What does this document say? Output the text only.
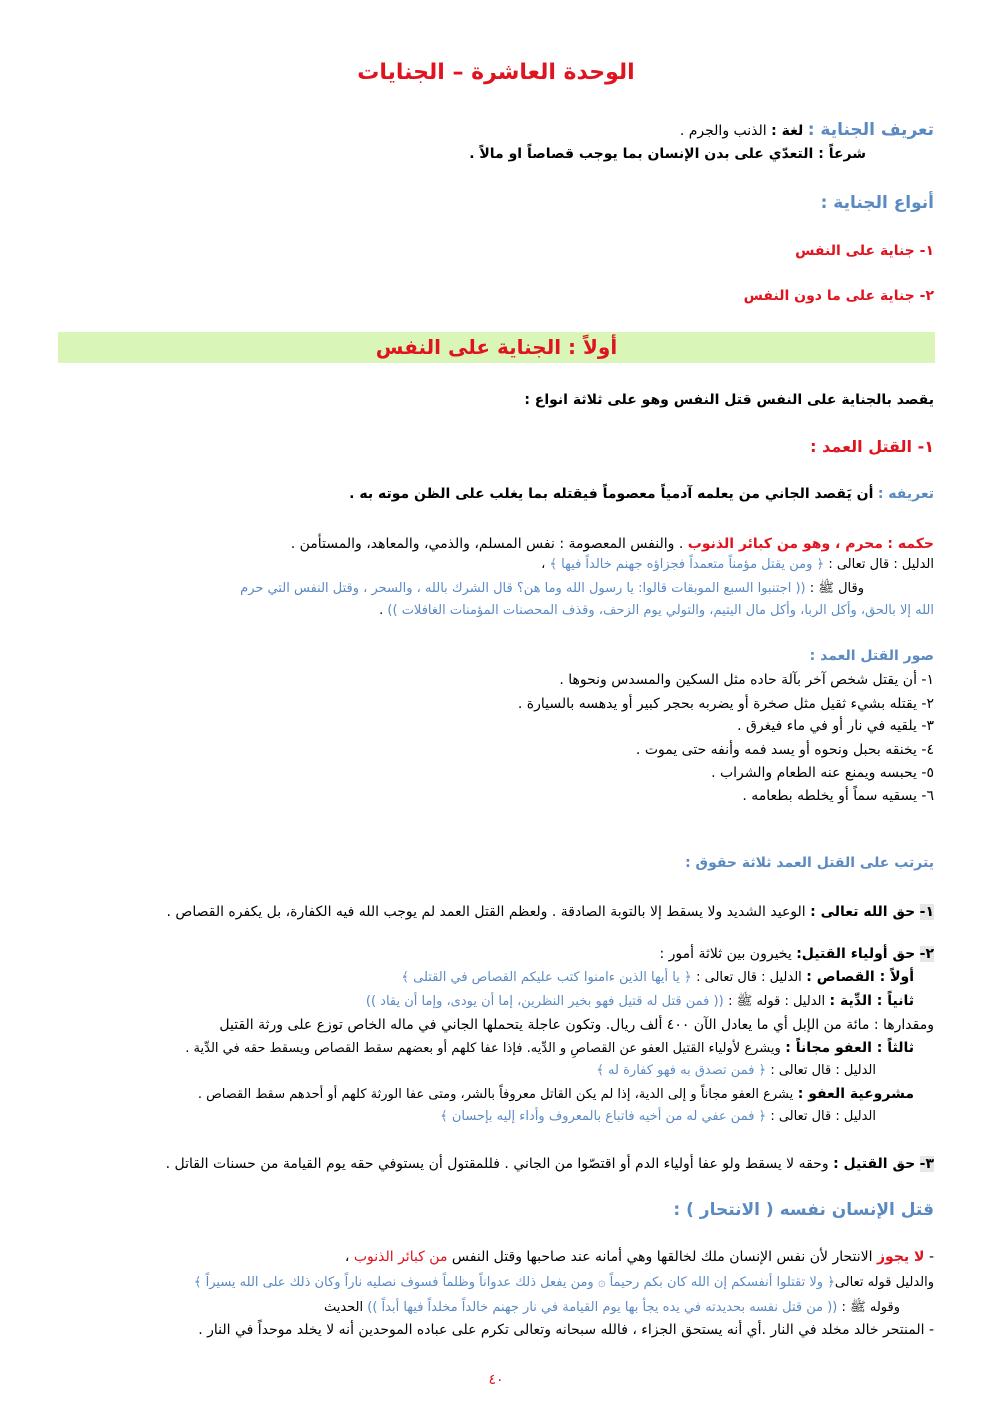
الوحدة العاشرة – الجنايات
تعريف الجناية : لغة : الذنب والجرم .
شرعاً : التعدّي على بدن الإنسان بما يوجب قصاصاً او مالاً .
أنواع الجناية :
١- جناية على النفس
٢- جناية على ما دون النفس
أولاً : الجناية على النفس
يقصد بالجناية على النفس قتل النفس وهو على ثلاثة انواع :
١- القتل العمد :
تعريفه : أن يَقصد الجاني من يعلمه آدمياً معصوماً فيقتله بما يغلب على الظن موته به .
حكمه : محرم ، وهو من كبائر الذنوب . والنفس المعصومة : نفس المسلم، والذمي، والمعاهد، والمستأمن .
الدليل : قال تعالى : ﴿ ومن يقتل مؤمناً متعمداً فجزاؤه جهنم خالداً فيها ﴾ ،
وقال ﷺ : (( اجتنبوا السبع الموبقات قالوا: يا رسول الله وما هن؟ قال الشرك بالله ، والسحر ، وقتل النفس التي حرم
الله إلا بالحق، وأكل الربا، وأكل مال اليتيم، والتولي يوم الزحف، وقذف المحصنات المؤمنات الغافلات )) .
صور القتل العمد :
١- أن يقتل شخص آخر بآلة حاده مثل السكين والمسدس ونحوها .
٢- يقتله بشيء ثقيل مثل صخرة أو يضربه بحجر كبير أو يدهسه بالسيارة .
٣- يلقيه في نار أو في ماء فيغرق .
٤- يخنقه بحبل ونحوه أو يسد فمه وأنفه حتى يموت .
٥- يحبسه ويمنع عنه الطعام والشراب .
٦- يسقيه سماً أو يخلطه بطعامه .
يترتب على القتل العمد ثلاثة حقوق :
١- حق الله تعالى : الوعيد الشديد ولا يسقط إلا بالتوبة الصادقة . ولعظم القتل العمد لم يوجب الله فيه الكفارة، بل يكفره القصاص .
٢- حق أولياء القتيل: يخيرون بين ثلاثة أمور :
أولاً : القصاص : الدليل : قال تعالى : ﴿ يا أيها الذين ءامنوا كتب عليكم القصاص في القتلى ﴾
ثانياً : الدِّية : الدليل : قوله ﷺ : (( فمن قتل له قتيل فهو بخير النظرين، إما أن يودى، وإما أن يقاد ))
ومقدارها : مائة من الإبل أي ما يعادل الآن ٤٠٠ ألف ريال. وتكون عاجلة يتحملها الجاني في ماله الخاص توزع على ورثة القتيل
ثالثاً : العفو مجاناً : ويشرع لأولياء القتيل العفو عن القصاصِ و الدِّيه. فإذا عفا كلهم أو بعضهم سقط القصاص ويسقط حقه في الدِّية .
الدليل : قال تعالى : ﴿ فمن تصدق به فهو كفارة له ﴾
مشروعية العفو : يشرع العفو مجاناً و إلى الدية، إذا لم يكن القاتل معروفاً بالشر، ومتى عفا الورثة كلهم أو أحدهم سقط القصاص .
الدليل : قال تعالى : ﴿ فمن عفي له من أخيه فاتباع بالمعروف وأداء إليه بإحسان ﴾
٣- حق القتيل : وحقه لا يسقط ولو عفا أولياء الدم أو اقتصّوا من الجاني . فللمقتول أن يستوفي حقه يوم القيامة من حسنات القاتل .
قتل الإنسان نفسه ( الانتحار ) :
- لا يجوز الانتحار لأن نفس الإنسان ملك لخالقها وهي أمانه عند صاحبها وقتل النفس من كبائر الذنوب ،
والدليل قوله تعالى﴿ ولا تقتلوا أنفسكم إن الله كان بكم رحيماً ۞ ومن يفعل ذلك عدواناً وظلماً فسوف نصليه ناراً وكان ذلك على الله يسيراً ﴾
وقوله ﷺ : (( من قتل نفسه بحديدته في يده يجأ بها يوم القيامة في نار جهنم خالداً مخلداً فيها أبداً )) الحديث
- المنتحر خالد مخلد في النار .أي أنه يستحق الجزاء ، فالله سبحانه وتعالى تكرم على عباده الموحدين أنه لا يخلد موحداً في النار .
٤٠
